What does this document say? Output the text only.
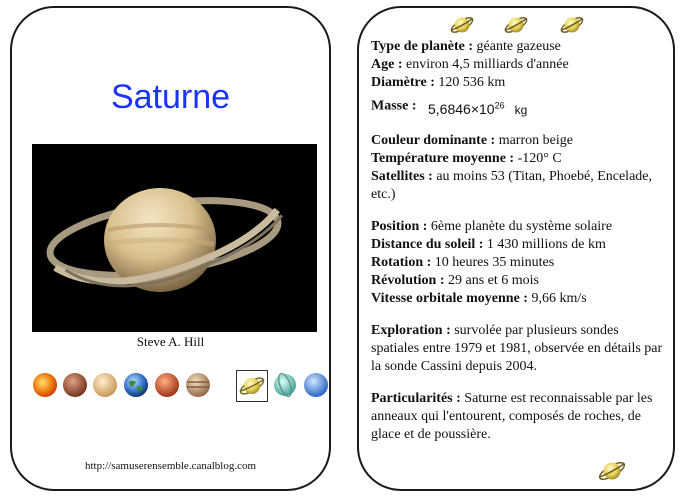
Saturne
Steve A. Hill
http://samuserensemble.canalblog.com

Type de planète : géante gazeuse

Age : environ 4,5 milliards d'année

Diamètre : 120 536 km

Masse : $5,6846\times 10^{26}$ kg

Couleur dominante : marron beige

Température moyenne : -120° C

Satellites : au moins 53 (Titan, Phoebé, Encelade, etc.)

Position : 6ème planète du système solaire

Distance du soleil : 1 430 millions de km

Rotation : 10 heures 35 minutes

Révolution : 29 ans et 6 mois

Vitesse orbitale moyenne : 9,66 km/s

Exploration : survolée par plusieurs sondes spatiales entre 1979 et 1981, observée en détails par la sonde Cassini depuis 2004.

Particularités : Saturne est reconnaissable par les anneaux qui l'entourent, composés de roches, de glace et de poussière.
